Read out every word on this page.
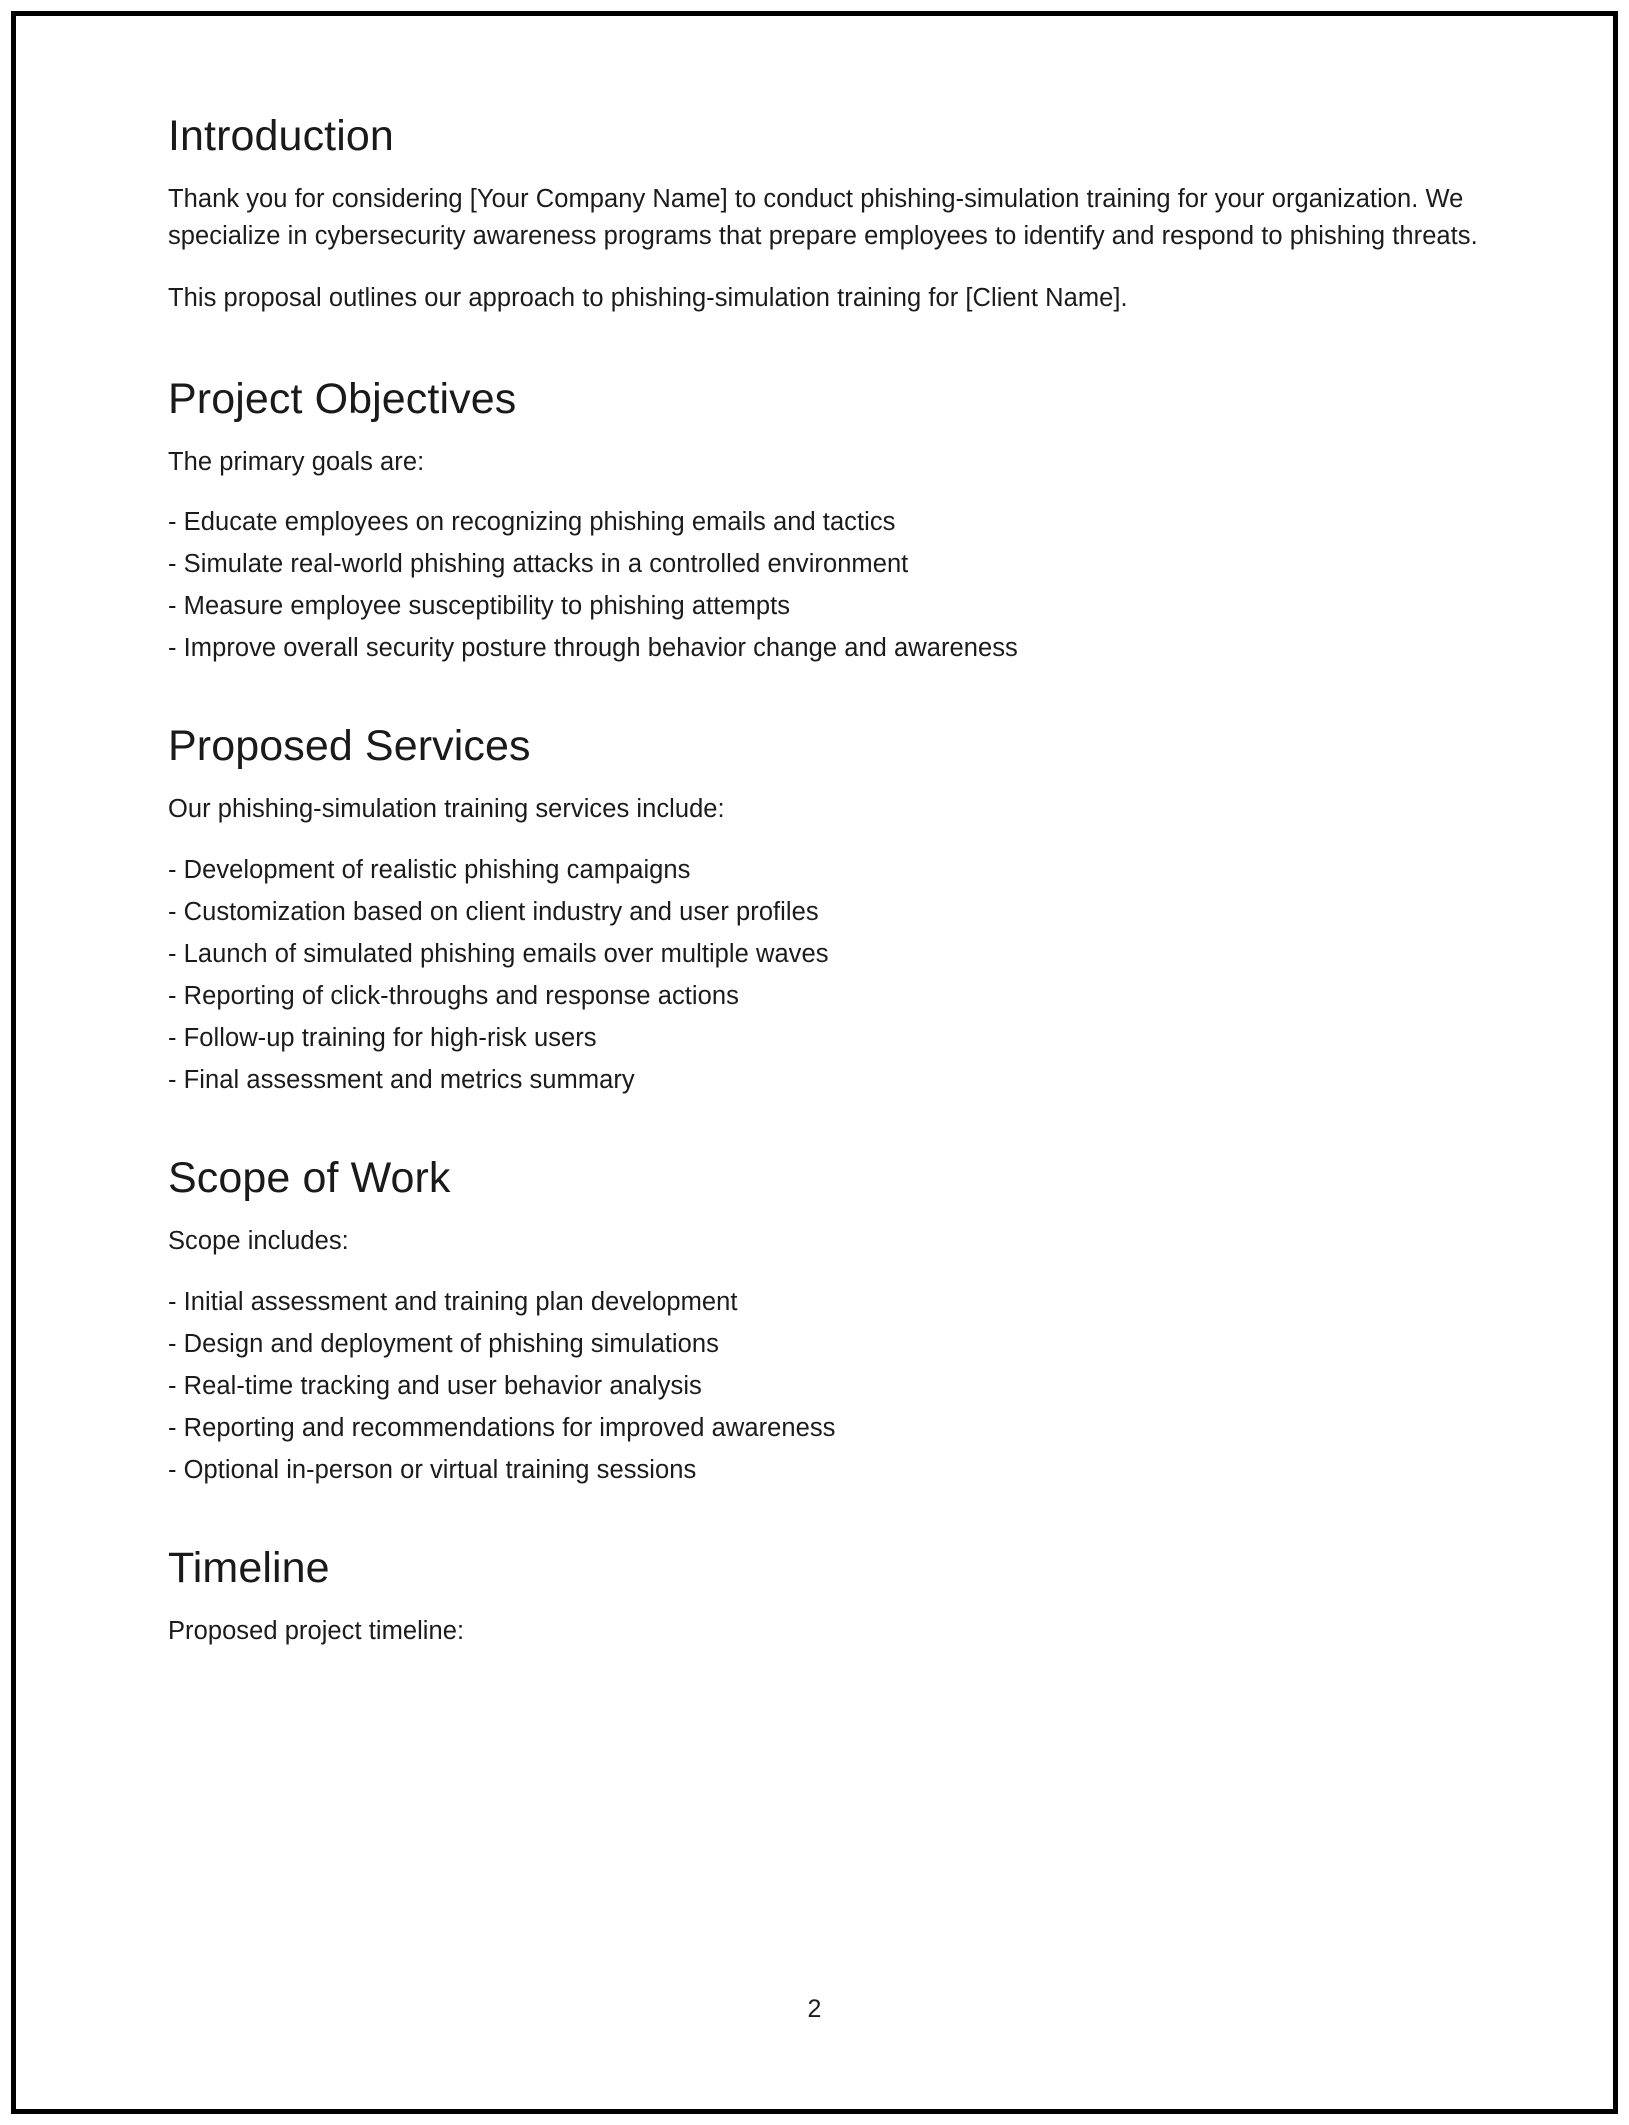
Introduction

Thank you for considering [Your Company Name] to conduct phishing-simulation training for your organization. We specialize in cybersecurity awareness programs that prepare employees to identify and respond to phishing threats.

This proposal outlines our approach to phishing-simulation training for [Client Name].

Project Objectives

The primary goals are:

- Educate employees on recognizing phishing emails and tactics
- Simulate real-world phishing attacks in a controlled environment
- Measure employee susceptibility to phishing attempts
- Improve overall security posture through behavior change and awareness
Proposed Services

Our phishing-simulation training services include:

- Development of realistic phishing campaigns
- Customization based on client industry and user profiles
- Launch of simulated phishing emails over multiple waves
- Reporting of click-throughs and response actions
- Follow-up training for high-risk users
- Final assessment and metrics summary
Scope of Work

Scope includes:

- Initial assessment and training plan development
- Design and deployment of phishing simulations
- Real-time tracking and user behavior analysis
- Reporting and recommendations for improved awareness
- Optional in-person or virtual training sessions
Timeline

Proposed project timeline:

2
